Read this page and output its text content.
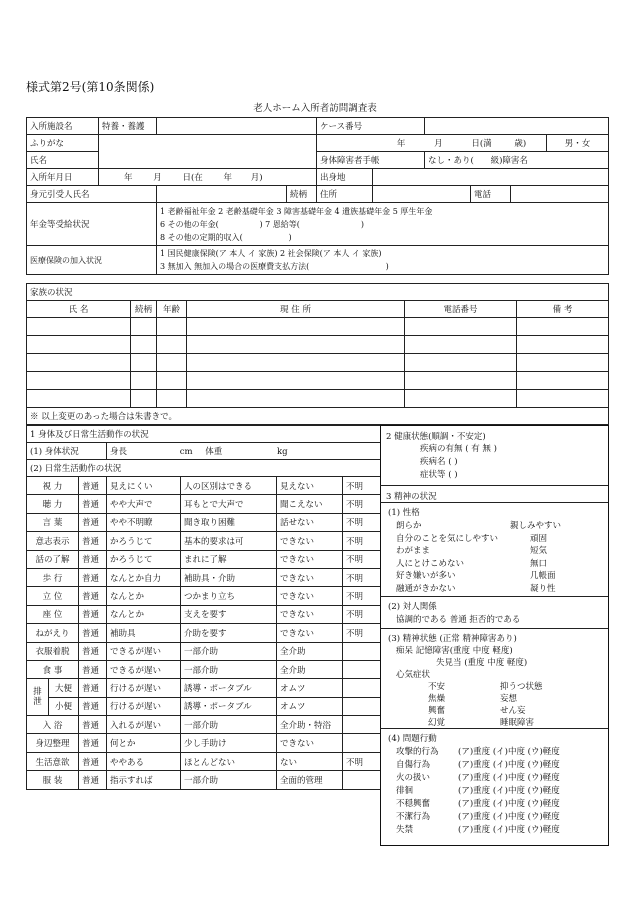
様式第2号(第10条関係)
老人ホーム入所者訪問調査表
入所施設名	特養・養護			ケース番号					
ふりがな				年 月 日(満 歳)					男・女
氏名				身体障害者手帳		なし・あり( 級)障害名			
入所年月日	年 月 日(在 年 月)			出身地					
身元引受人氏名			続柄	住所			電話		
年金等受給状況		1 老齢福祉年金 2 老齢基礎年金 3 障害基礎年金 4 遺族基礎年金 5 厚生年金
6 その他の年金(                ) 7 恩給等(                        )
8 その他の定期的収入(                  )							

医療保険の加入状況		1 国民健康保険(ア 本人 イ 家族) 2 社会保険(ア 本人 イ 家族)
3 無加入 無加入の場合の医療費支払方法(                              )							
家族の状況					
氏 名	続柄	年齢	現 住 所	電話番号	備 考

※ 以上変更のあった場合は朱書きで。					
1 身体及び日常生活動作の状況						
(1) 身体状況			身長 cm 体重 kg			
(2) 日常生活動作の状況						
視 力		普通	見えにくい	人の区別はできる	見えない	不明
聴 力		普通	やや大声で	耳もとで大声で	聞こえない	不明
言 葉		普通	やや不明瞭	聞き取り困難	話せない	不明
意志表示		普通	かろうじて	基本的要求は可	できない	不明
話の了解		普通	かろうじて	まれに了解	できない	不明
歩 行		普通	なんとか自力	補助具・介助	できない	不明
立 位		普通	なんとか	つかまり立ち	できない	不明
座 位		普通	なんとか	支えを要す	できない	不明
ねがえり		普通	補助具	介助を要す	できない	不明
衣服着脱		普通	できるが遅い	一部介助	全介助	
食 事		普通	できるが遅い	一部介助	全介助	
排泄	大便	普通	行けるが遅い	誘導・ポータブル	オムツ	
	小便	普通	行けるが遅い	誘導・ポータブル	オムツ	
入 浴		普通	入れるが遅い	一部介助	全介助・特浴	
身辺整理		普通	何とか	少し手助け	できない	
生活意欲		普通	ややある	ほとんどない	ない	不明
服 装		普通	指示すれば	一部介助	全面的管理	
2 健康状態(順調・不安定)
疾病の有無 ( 有 無 )
疾病名 ( )
症状等 ( )
3 精神の状況
(1) 性格
朗らか	親しみやすい
自分のことを気にしやすい	頑固
わがまま	短気
人にとけこめない	無口
好き嫌いが多い	几帳面
融通がきかない	凝り性
(2) 対人関係
協調的である 普通 拒否的である
(3) 精神状態 (正常 精神障害あり)
痴呆 記憶障害(重度 中度 軽度)
失見当 (重度 中度 軽度)
心気症状
不安	抑うつ状態
焦燥	妄想
興奮	せん妄
幻覚	睡眠障害
(4) 問題行動
攻撃的行為 (ア)重度 (イ)中度 (ウ)軽度
自傷行為	(ア)重度 (イ)中度 (ウ)軽度
火の扱い	(ア)重度 (イ)中度 (ウ)軽度
徘徊	(ア)重度 (イ)中度 (ウ)軽度
不穏興奮	(ア)重度 (イ)中度 (ウ)軽度
不潔行為	(ア)重度 (イ)中度 (ウ)軽度
失禁	(ア)重度 (イ)中度 (ウ)軽度
